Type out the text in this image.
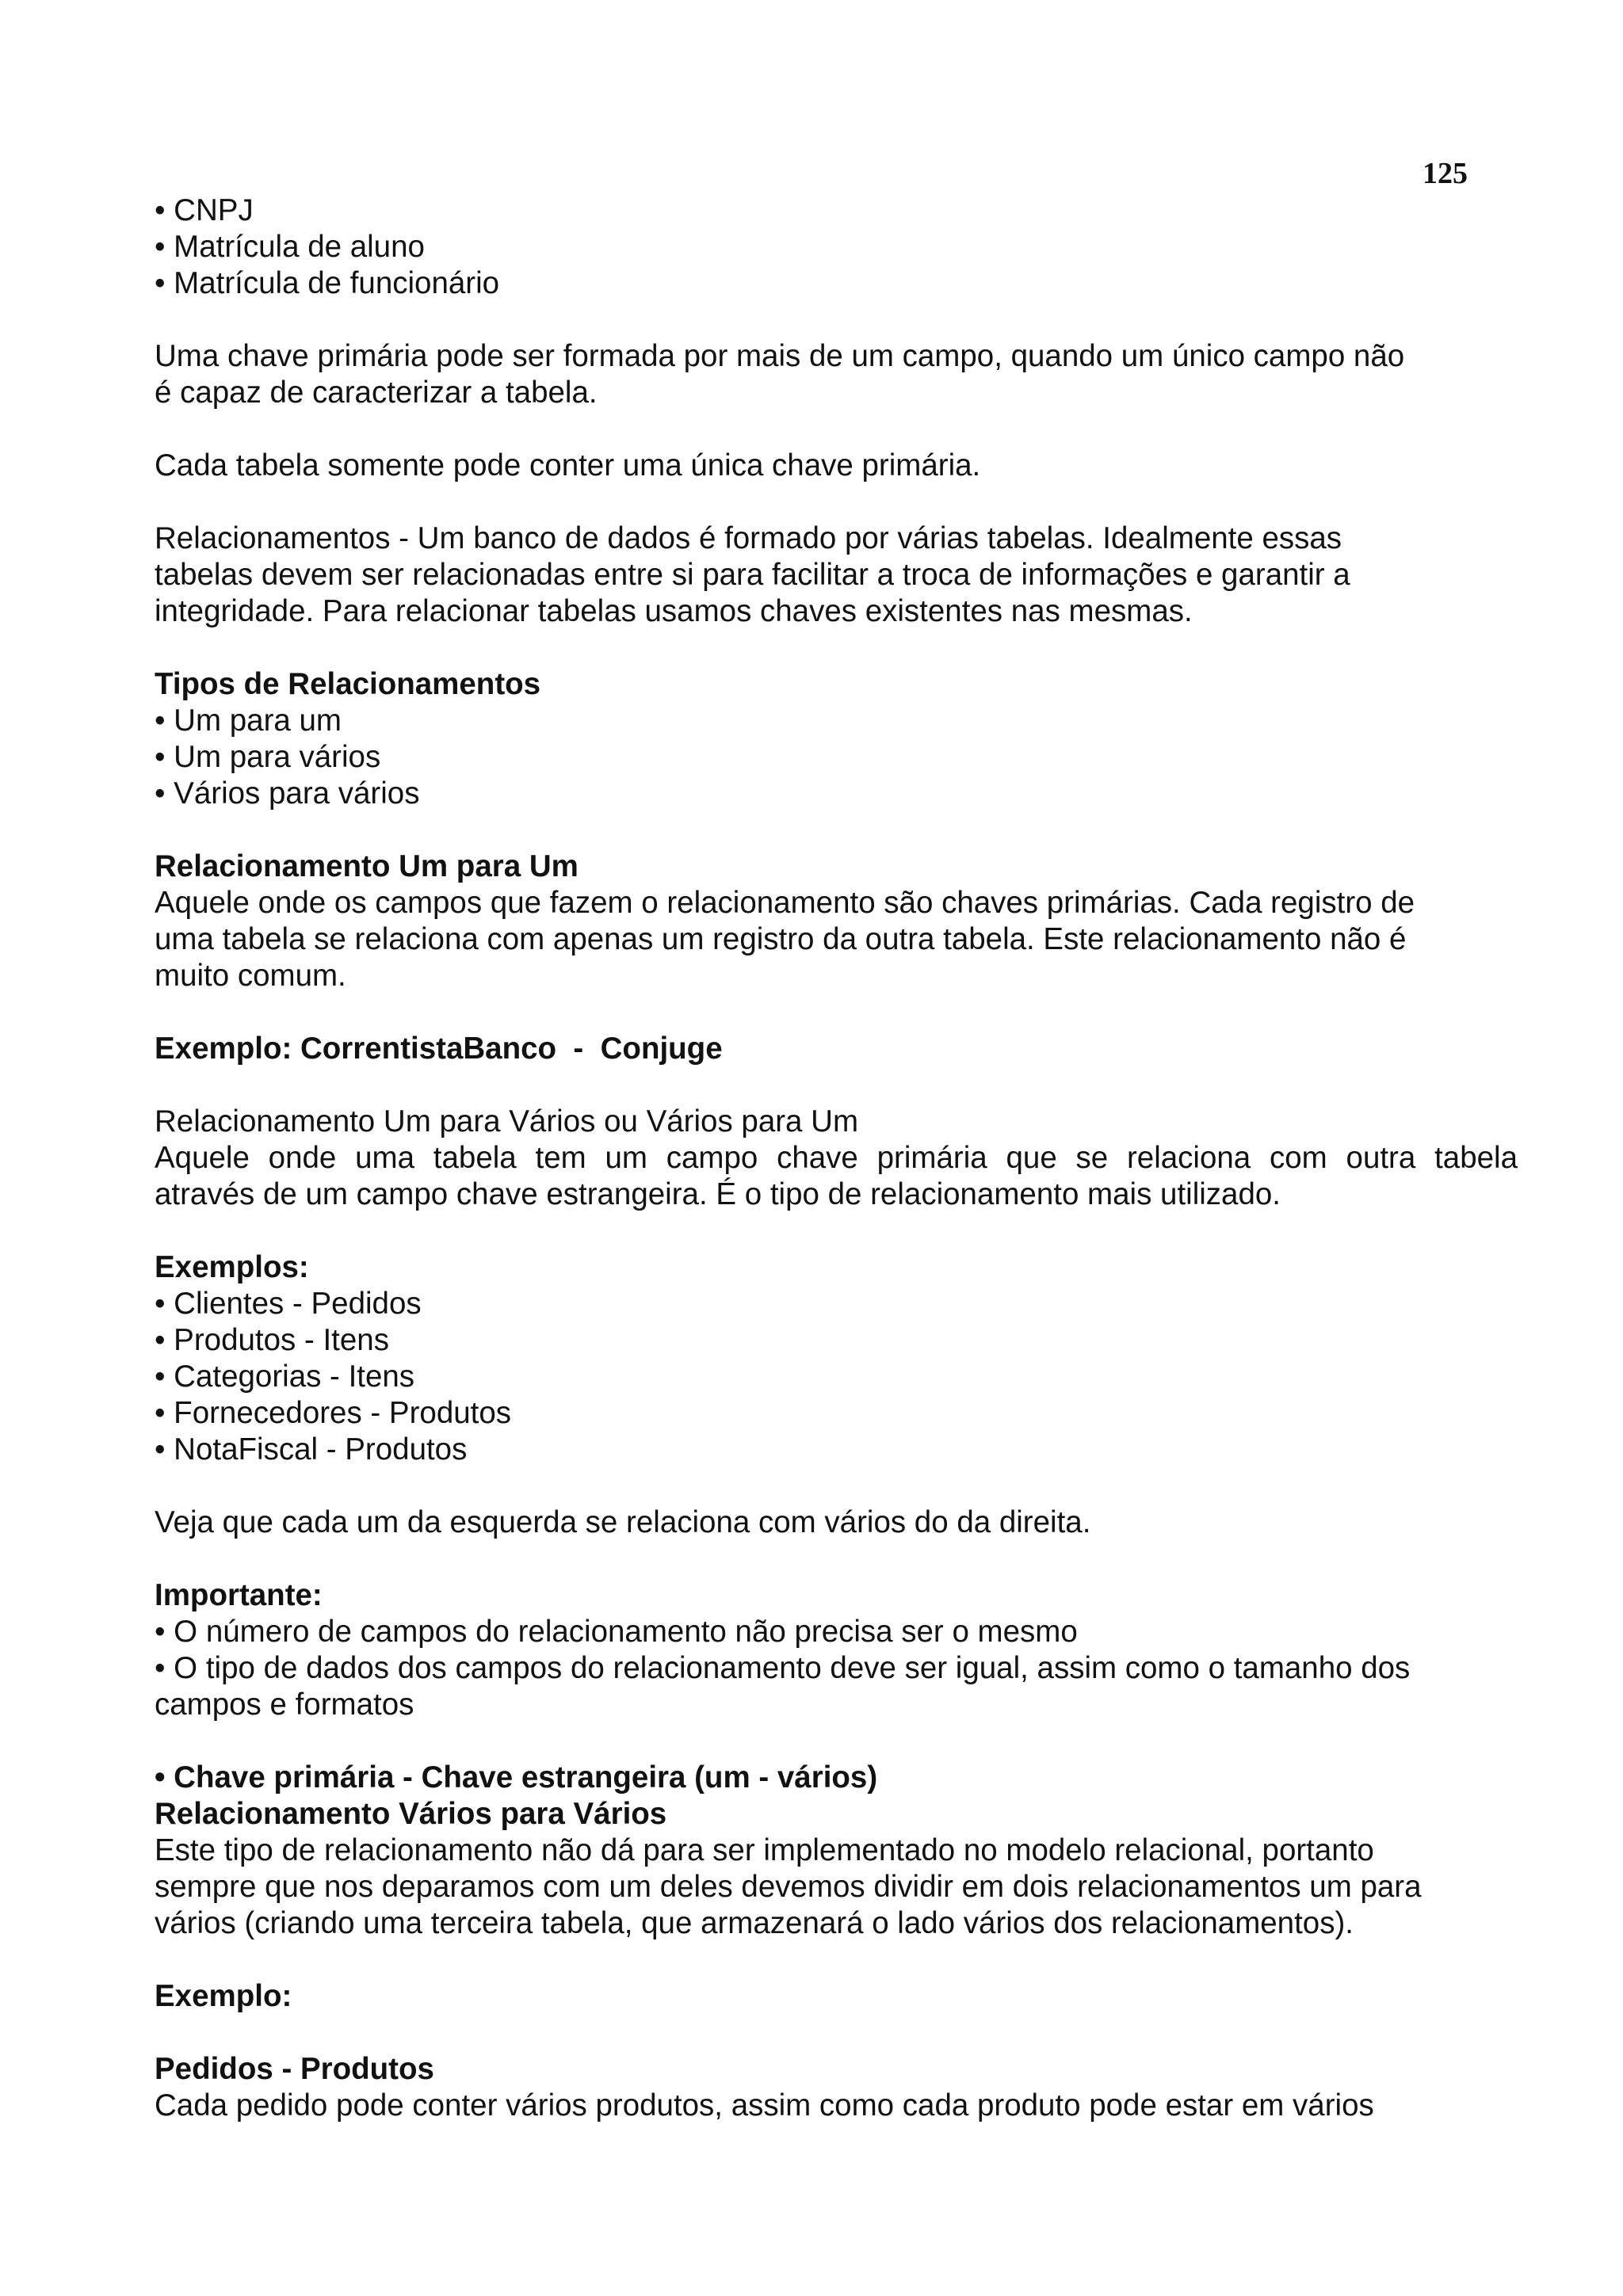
125
• CNPJ
• Matrícula de aluno
• Matrícula de funcionário
Uma chave primária pode ser formada por mais de um campo, quando um único campo não
é capaz de caracterizar a tabela.
Cada tabela somente pode conter uma única chave primária.
Relacionamentos - Um banco de dados é formado por várias tabelas. Idealmente essas
tabelas devem ser relacionadas entre si para facilitar a troca de informações e garantir a
integridade. Para relacionar tabelas usamos chaves existentes nas mesmas.
Tipos de Relacionamentos
• Um para um
• Um para vários
• Vários para vários
Relacionamento Um para Um
Aquele onde os campos que fazem o relacionamento são chaves primárias. Cada registro de
uma tabela se relaciona com apenas um registro da outra tabela. Este relacionamento não é
muito comum.
Exemplo: CorrentistaBanco  -  Conjuge
Relacionamento Um para Vários ou Vários para Um
Aquele onde uma tabela tem um campo chave primária que se relaciona com outra tabela
através de um campo chave estrangeira. É o tipo de relacionamento mais utilizado.
Exemplos:
• Clientes - Pedidos
• Produtos - Itens
• Categorias - Itens
• Fornecedores - Produtos
• NotaFiscal - Produtos
Veja que cada um da esquerda se relaciona com vários do da direita.
Importante:
• O número de campos do relacionamento não precisa ser o mesmo
• O tipo de dados dos campos do relacionamento deve ser igual, assim como o tamanho dos
campos e formatos
• Chave primária - Chave estrangeira (um - vários)
Relacionamento Vários para Vários
Este tipo de relacionamento não dá para ser implementado no modelo relacional, portanto
sempre que nos deparamos com um deles devemos dividir em dois relacionamentos um para
vários (criando uma terceira tabela, que armazenará o lado vários dos relacionamentos).
Exemplo:
Pedidos - Produtos
Cada pedido pode conter vários produtos, assim como cada produto pode estar em vários
